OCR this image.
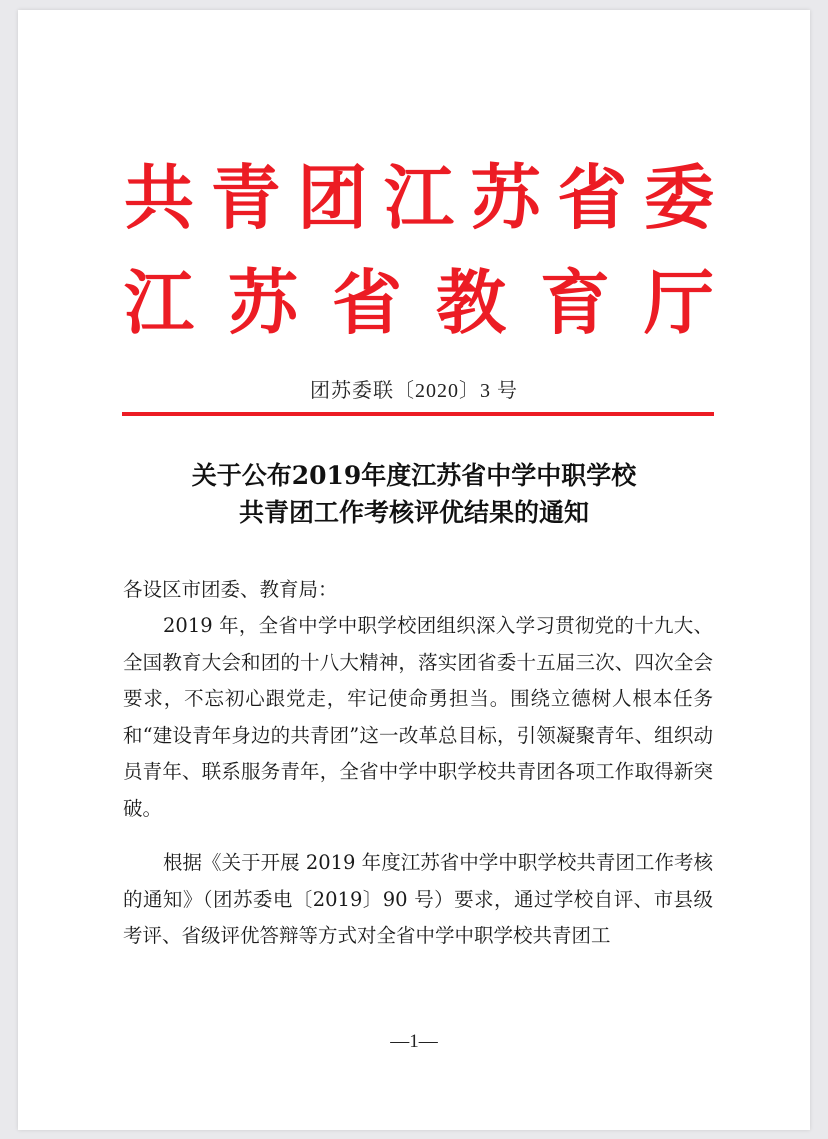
共 青 团 江 苏 省 委
江 苏 省 教 育 厅
团苏委联〔2020〕3 号
关于公布2019年度江苏省中学中职学校
共青团工作考核评优结果的通知
各设区市团委、教育局：
2019 年，全省中学中职学校团组织深入学习贯彻党的十九大、全国教育大会和团的十八大精神，落实团省委十五届三次、四次全会要求，不忘初心跟党走，牢记使命勇担当。围绕立德树人根本任务和“建设青年身边的共青团”这一改革总目标，引领凝聚青年、组织动员青年、联系服务青年，全省中学中职学校共青团各项工作取得新突破。
根据《关于开展 2019 年度江苏省中学中职学校共青团工作考核的通知》（团苏委电〔2019〕90 号）要求，通过学校自评、市县级考评、省级评优答辩等方式对全省中学中职学校共青团工
—1—
